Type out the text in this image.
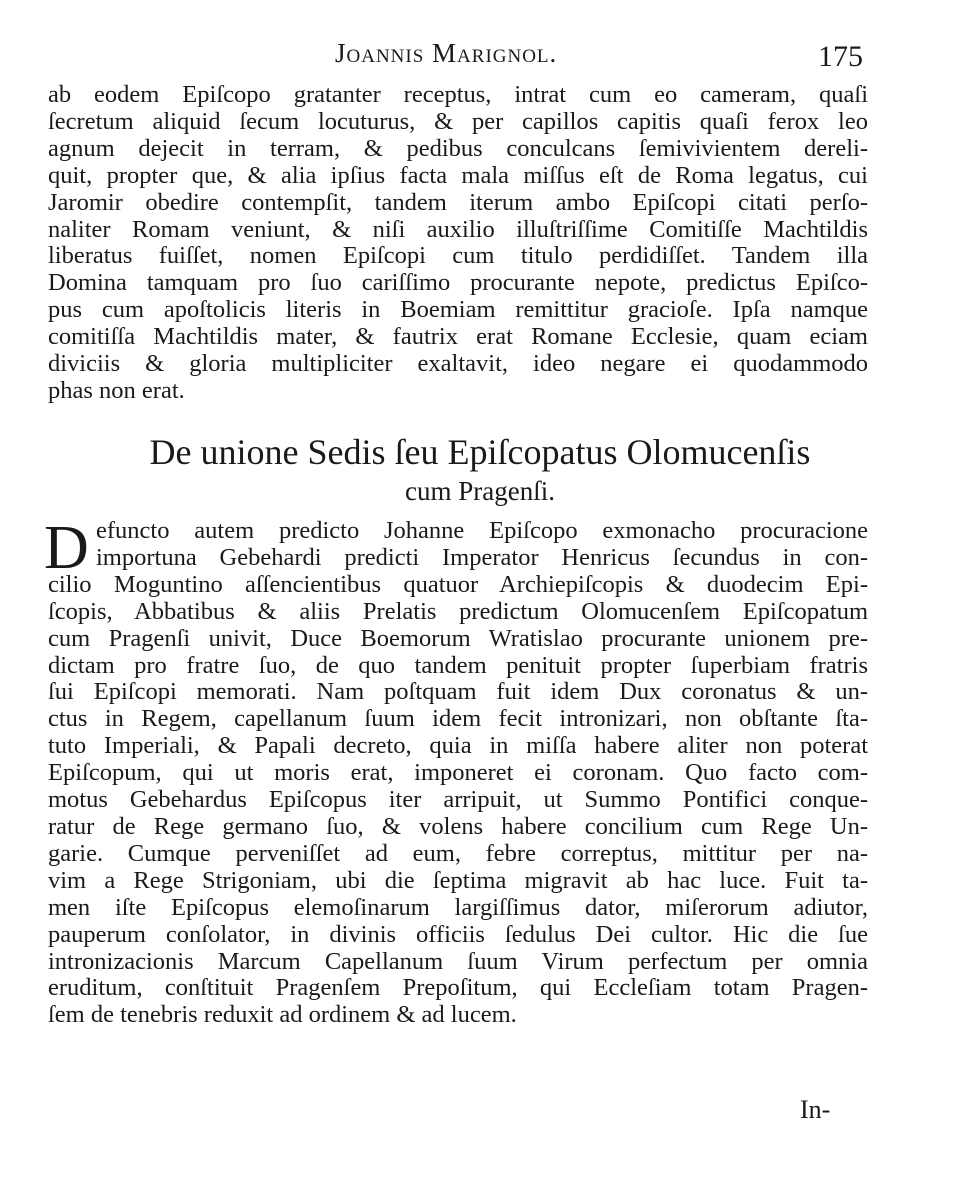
Joannis Marignol.	175
ab eodem Epiſcopo gratanter receptus, intrat cum eo cameram, quaſi
ſecretum aliquid ſecum locuturus, & per capillos capitis quaſi ferox leo
agnum dejecit in terram, & pedibus conculcans ſemivivientem dereli-
quit, propter que, & alia ipſius facta mala miſſus eſt de Roma legatus, cui
Jaromir obedire contempſit, tandem iterum ambo Epiſcopi citati perſo-
naliter Romam veniunt, & niſi auxilio illuſtriſſime Comitiſſe Machtildis
liberatus fuiſſet, nomen Epiſcopi cum titulo perdidiſſet. Tandem illa
Domina tamquam pro ſuo cariſſimo procurante nepote, predictus Epiſco-
pus cum apoſtolicis literis in Boemiam remittitur gracioſe. Ipſa namque
comitiſſa Machtildis mater, & fautrix erat Romane Ecclesie, quam eciam
diviciis & gloria multipliciter exaltavit, ideo negare ei quodammodo
phas non erat.
De unione Sedis ſeu Epiſcopatus Olomucenſis
cum Pragenſi.
D efuncto autem predicto Johanne Epiſcopo exmonacho procuracione
importuna Gebehardi predicti Imperator Henricus ſecundus in con-
cilio Moguntino aſſencientibus quatuor Archiepiſcopis & duodecim Epi-
ſcopis, Abbatibus & aliis Prelatis predictum Olomucenſem Epiſcopatum
cum Pragenſi univit, Duce Boemorum Wratislao procurante unionem pre-
dictam pro fratre ſuo, de quo tandem penituit propter ſuperbiam fratris
ſui Epiſcopi memorati. Nam poſtquam fuit idem Dux coronatus & un-
ctus in Regem, capellanum ſuum idem fecit intronizari, non obſtante ſta-
tuto Imperiali, & Papali decreto, quia in miſſa habere aliter non poterat
Epiſcopum, qui ut moris erat, imponeret ei coronam. Quo facto com-
motus Gebehardus Epiſcopus iter arripuit, ut Summo Pontifici conque-
ratur de Rege germano ſuo, & volens habere concilium cum Rege Un-
garie. Cumque perveniſſet ad eum, febre correptus, mittitur per na-
vim a Rege Strigoniam, ubi die ſeptima migravit ab hac luce. Fuit ta-
men iſte Epiſcopus elemoſinarum largiſſimus dator, miſerorum adiutor,
pauperum conſolator, in divinis officiis ſedulus Dei cultor. Hic die ſue
intronizacionis Marcum Capellanum ſuum Virum perfectum per omnia
eruditum, conſtituit Pragenſem Prepoſitum, qui Eccleſiam totam Pragen-
ſem de tenebris reduxit ad ordinem & ad lucem.
In-
